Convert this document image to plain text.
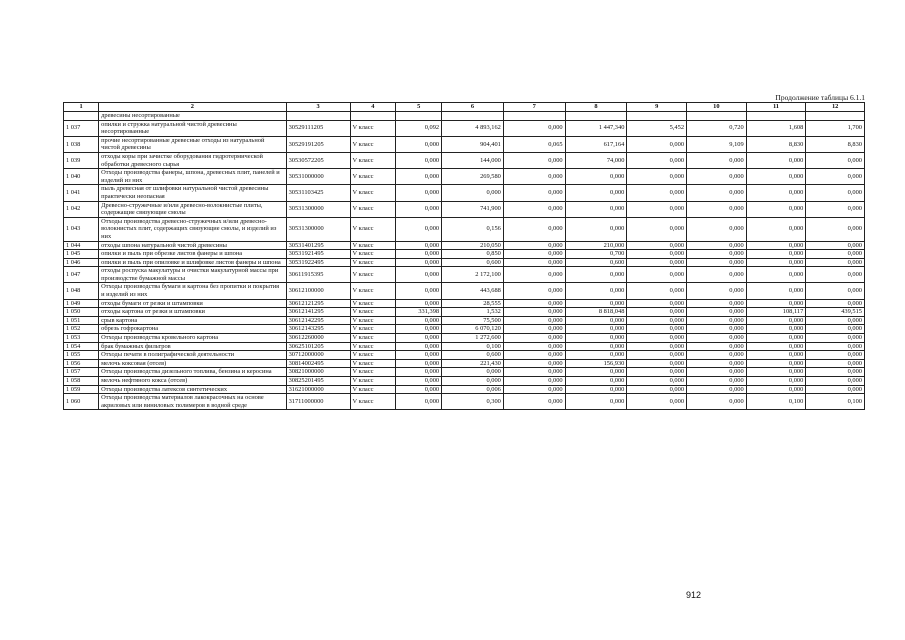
Продолжение таблицы 6.1.1
1	2	3	4	5	6	7	8	9	10	11	12
	древесины несортированные										
1 037	опилки и стружка натуральной чистой древесины несортированные	30529111205	V класс	0,092	4 893,162	0,000	1 447,340	5,452	0,720	1,608	1,700
1 038	прочие несортированные древесные отходы из натуральной чистой древесины	30529191205	V класс	0,000	904,401	0,065	617,164	0,000	9,109	8,830	8,830
1 039	отходы коры при зачистке оборудования гидротермической обработки древесного сырья	30530572205	V класс	0,000	144,000	0,000	74,000	0,000	0,000	0,000	0,000
1 040	Отходы производства фанеры, шпона, древесных плит, панелей и изделий из них	30531000000	V класс	0,000	269,580	0,000	0,000	0,000	0,000	0,000	0,000
1 041	пыль древесная от шлифовки натуральной чистой древесины практически неопасная	30531103425	V класс	0,000	0,000	0,000	0,000	0,000	0,000	0,000	0,000
1 042	Древесно-стружечные и/или древесно-волокнистые плиты, содержащие связующие смолы	30531300000	V класс	0,000	741,900	0,000	0,000	0,000	0,000	0,000	0,000
1 043	Отходы производства древесно-стружечных и/или древесно-волокнистых плит, содержащих связующие смолы, и изделий из них	30531300000	V класс	0,000	0,156	0,000	0,000	0,000	0,000	0,000	0,000
1 044	отходы шпона натуральной чистой древесины	30531401295	V класс	0,000	210,050	0,000	210,000	0,000	0,000	0,000	0,000
1 045	опилки и пыль при обрезке листов фанеры и шпона	30531921495	V класс	0,000	0,850	0,000	0,700	0,000	0,000	0,000	0,000
1 046	опилки и пыль при опиловке и шлифовке листов фанеры и шпона	30531922495	V класс	0,000	0,600	0,000	0,600	0,000	0,000	0,000	0,000
1 047	отходы роспуска макулатуры и очистки макулатурной массы при производстве бумажной массы	30611915395	V класс	0,000	2 172,100	0,000	0,000	0,000	0,000	0,000	0,000
1 048	Отходы производства бумаги и картона без пропитки и покрытия и изделий из них	30612100000	V класс	0,000	443,688	0,000	0,000	0,000	0,000	0,000	0,000
1 049	отходы бумаги от резки и штамповки	30612121295	V класс	0,000	28,555	0,000	0,000	0,000	0,000	0,000	0,000
1 050	отходы картона от резки и штамповки	30612141295	V класс	331,398	1,532	0,000	8 818,048	0,000	0,000	108,117	439,515
1 051	срыв картона	30612142295	V класс	0,000	75,500	0,000	0,000	0,000	0,000	0,000	0,000
1 052	обрезь гофрокартона	30612143295	V класс	0,000	6 070,120	0,000	0,000	0,000	0,000	0,000	0,000
1 053	Отходы производства кровельного картона	30612260000	V класс	0,000	1 272,600	0,000	0,000	0,000	0,000	0,000	0,000
1 054	брак бумажных фильтров	30625101205	V класс	0,000	0,100	0,000	0,000	0,000	0,000	0,000	0,000
1 055	Отходы печати в полиграфической деятельности	30712000000	V класс	0,000	0,600	0,000	0,000	0,000	0,000	0,000	0,000
1 056	мелочь коксовая (отсев)	30814002495	V класс	0,000	221,430	0,000	156,930	0,000	0,000	0,000	0,000
1 057	Отходы производства дизельного топлива, бензина и керосина	30821000000	V класс	0,000	0,000	0,000	0,000	0,000	0,000	0,000	0,000
1 058	мелочь нефтяного кокса (отсев)	30825201495	V класс	0,000	0,000	0,000	0,000	0,000	0,000	0,000	0,000
1 059	Отходы производства латексов синтетических	31621000000	V класс	0,000	0,006	0,000	0,000	0,000	0,000	0,000	0,000
1 060	Отходы производства материалов лакокрасочных на основе акриловых или виниловых полимеров в водной среде	31711000000	V класс	0,000	0,300	0,000	0,000	0,000	0,000	0,100	0,100
912
